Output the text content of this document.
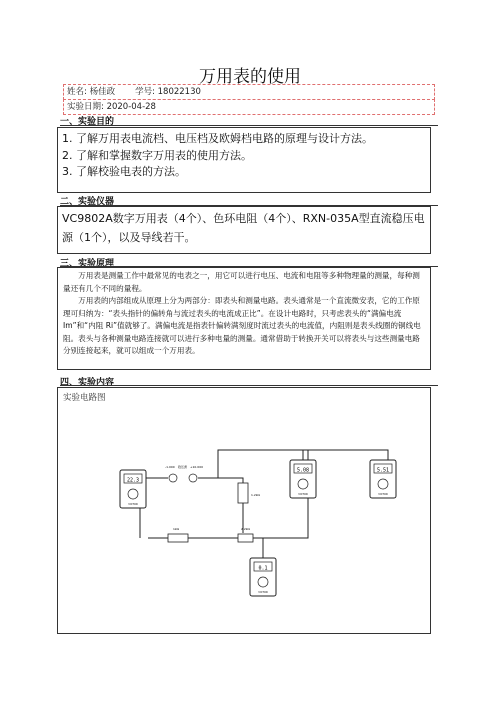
万用表的使用
姓名: 杨佳政 学号: 18022130
实验日期: 2020-04-28
一、实验目的
1. 了解万用表电流档、电压档及欧姆档电路的原理与设计方法。
2. 了解和掌握数字万用表的使用方法。
3. 了解校验电表的方法。
二、实验仪器
VC9802A数字万用表（4个）、色环电阻（4个）、RXN-035A型直流稳压电源（1个），以及导线若干。
三、实验原理

万用表是测量工作中最常见的电表之一，用它可以进行电压、电流和电阻等多种物理量的测量，每种测量还有几个不同的量程。

万用表的内部组成从原理上分为两部分：即表头和测量电路。表头通常是一个直流微安表，它的工作原理可归纳为：“表头指针的偏转角与流过表头的电流成正比”。在设计电路时，只考虑表头的“满偏电流 Im”和“内阻 Ri”值就够了。满偏电流是指表针偏转满刻度时流过表头的电流值，内阻则是表头线圈的铜线电阻。表头与各种测量电路连接就可以进行多种电量的测量。通常借助于转换开关可以将表头与这些测量电路分别连接起来，就可以组成一个万用表。

四、实验内容
实验电路图
22.3
VICTOR
5.08
VICTOR
5.51
VICTOR
0.1
VICTOR
-1.000 稳压源 +10.000
1.2kΩ
2.2kΩ
1kΩ
